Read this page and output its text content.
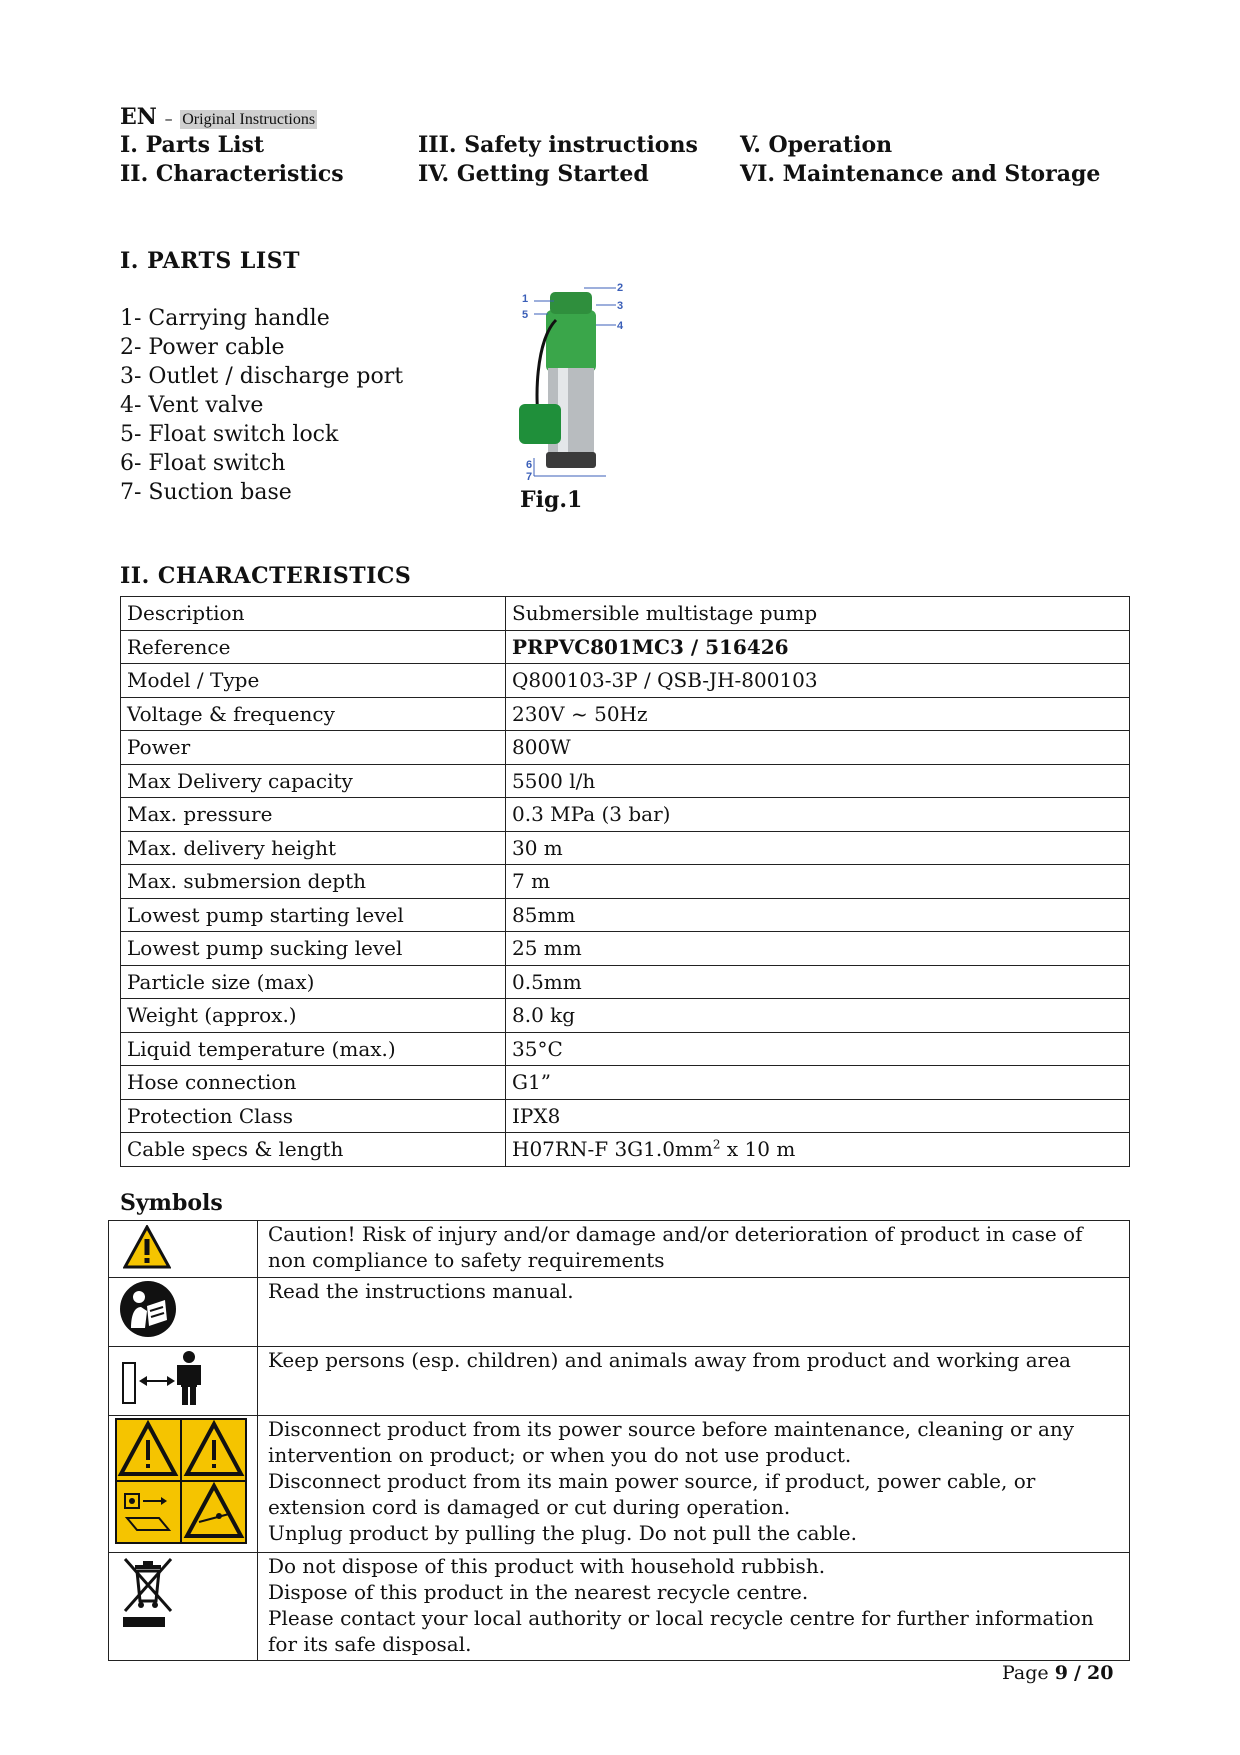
EN – Original Instructions
I. Parts List
II. Characteristics
III. Safety instructions
IV. Getting Started
V. Operation
VI. Maintenance and Storage
I. PARTS LIST
1- Carrying handle
2- Power cable
3- Outlet / discharge port
4- Vent valve
5- Float switch lock
6- Float switch
7- Suction base
1
2
3
4
5
6
7
Fig.1
II. CHARACTERISTICS
Description	Submersible multistage pump
Reference	PRPVC801MC3 / 516426
Model / Type	Q800103-3P / QSB-JH-800103
Voltage & frequency	230V ~ 50Hz
Power	800W
Max Delivery capacity	5500 l/h
Max. pressure	0.3 MPa (3 bar)
Max. delivery height	30 m
Max. submersion depth	7 m
Lowest pump starting level	85mm
Lowest pump sucking level	25 mm
Particle size (max)	0.5mm
Weight (approx.)	8.0 kg
Liquid temperature (max.)	35°C
Hose connection	G1”
Protection Class	IPX8
Cable specs & length	H07RN-F $3G1.0mm^2$ x 10 m
Symbols

Caution! Risk of injury and/or damage and/or deterioration of product in case of non compliance to safety requirements

Read the instructions manual.

Keep persons (esp. children) and animals away from product and working area

Disconnect product from its power source before maintenance, cleaning or any intervention on product; or when you do not use product.
Disconnect product from its main power source, if product, power cable, or extension cord is damaged or cut during operation.
Unplug product by pulling the plug. Do not pull the cable.

Do not dispose of this product with household rubbish.
Dispose of this product in the nearest recycle centre.
Please contact your local authority or local recycle centre for further information for its safe disposal.
Page 9 / 20
